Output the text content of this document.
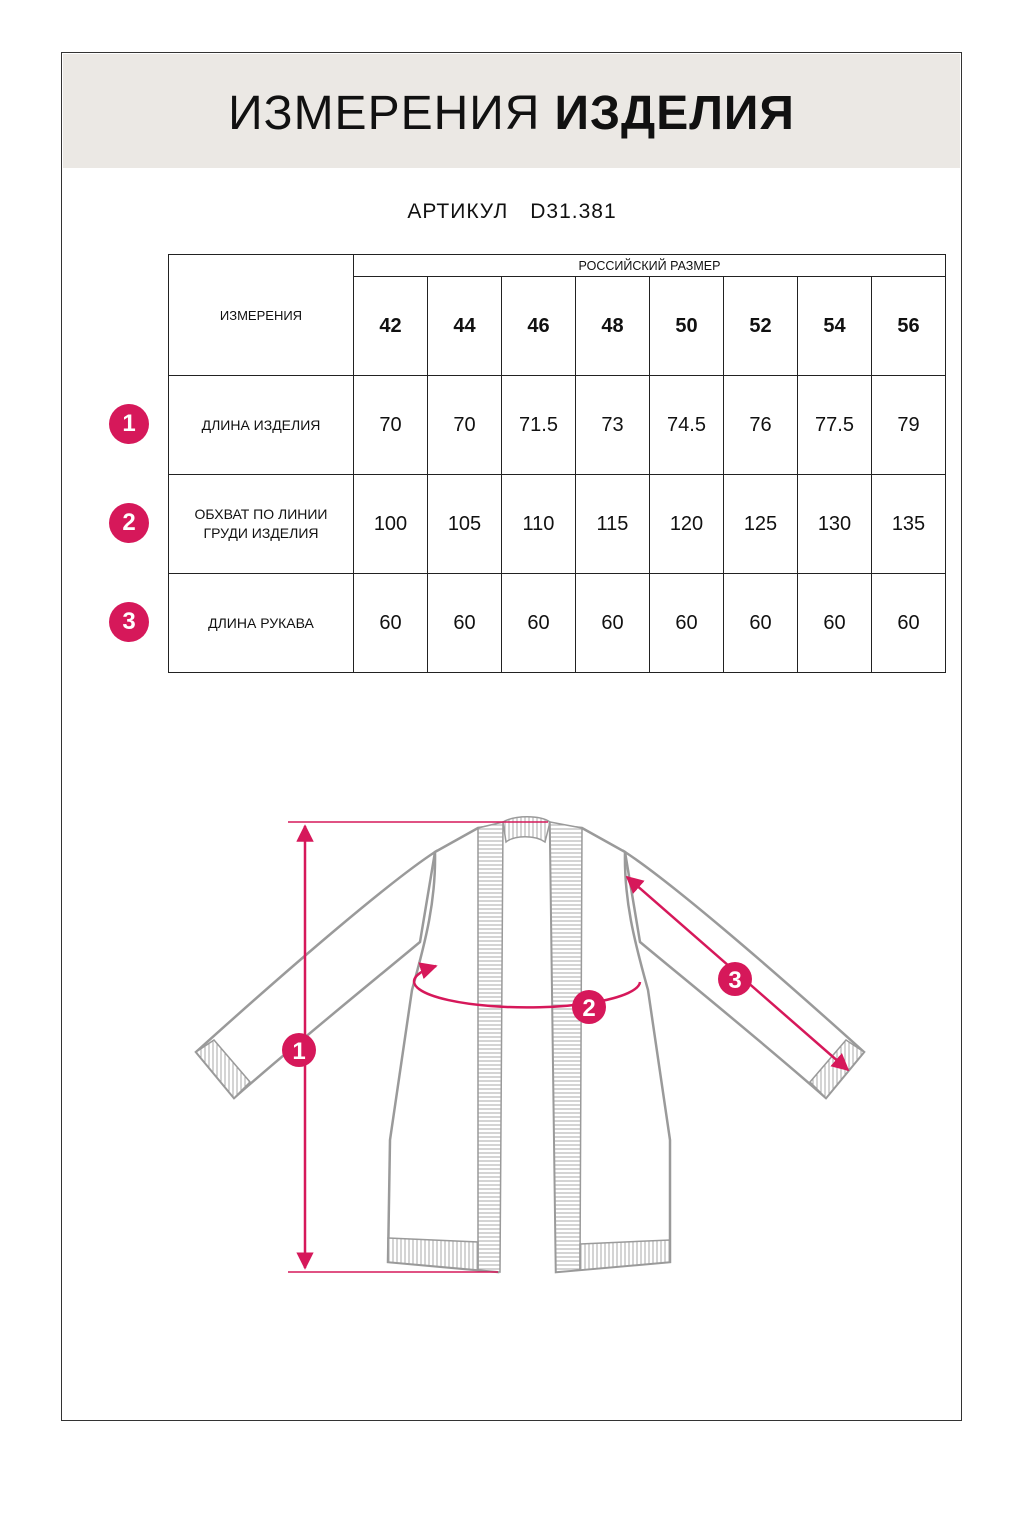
ИЗМЕРЕНИЯ ИЗДЕЛИЯ
АРТИКУЛ D31.381
ИЗМЕРЕНИЯ	РОССИЙСКИЙ РАЗМЕР							
	42	44	46	48	50	52	54	56
ДЛИНА ИЗДЕЛИЯ	70	70	71.5	73	74.5	76	77.5	79
ОБХВАТ ПО ЛИНИИ ГРУДИ ИЗДЕЛИЯ	100	105	110	115	120	125	130	135
ДЛИНА РУКАВА	60	60	60	60	60	60	60	60
1
2
3
1
2
3
